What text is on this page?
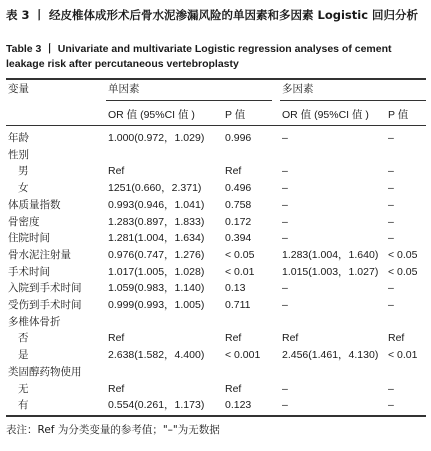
表 3 丨 经皮椎体成形术后骨水泥渗漏风险的单因素和多因素 Logistic 回归分析
Table 3 丨 Univariate and multivariate Logistic regression analyses of cement leakage risk after percutaneous vertebroplasty
变量	单因素	多因素
OR 值 (95%CI 值 )	P 值	OR 值 (95%CI 值 ) P 值
年龄	1.000(0.972，1.029) 0.996	–	–
性别
男	Ref	Ref	–	–
女	1251(0.660，2.371) 0.496	–	–
体质量指数	0.993(0.946，1.041) 0.758	–	–
骨密度	1.283(0.897，1.833) 0.172	–	–
住院时间	1.281(1.004，1.634) 0.394	–	–
骨水泥注射量	0.976(0.747，1.276) < 0.05	1.283(1.004，1.640) < 0.05
手术时间	1.017(1.005，1.028) < 0.01	1.015(1.003，1.027) < 0.05
入院到手术时间	1.059(0.983，1.140) 0.13	–	–
受伤到手术时间	0.999(0.993，1.005) 0.711	–	–
多椎体骨折
否	Ref	Ref	Ref	Ref
是	2.638(1.582，4.400) < 0.001 2.456(1.461，4.130) < 0.01
类固醇药物使用
无	Ref	Ref	–	–
有	0.554(0.261，1.173) 0.123	–	–
表注：Ref 为分类变量的参考值；"–"为无数据
